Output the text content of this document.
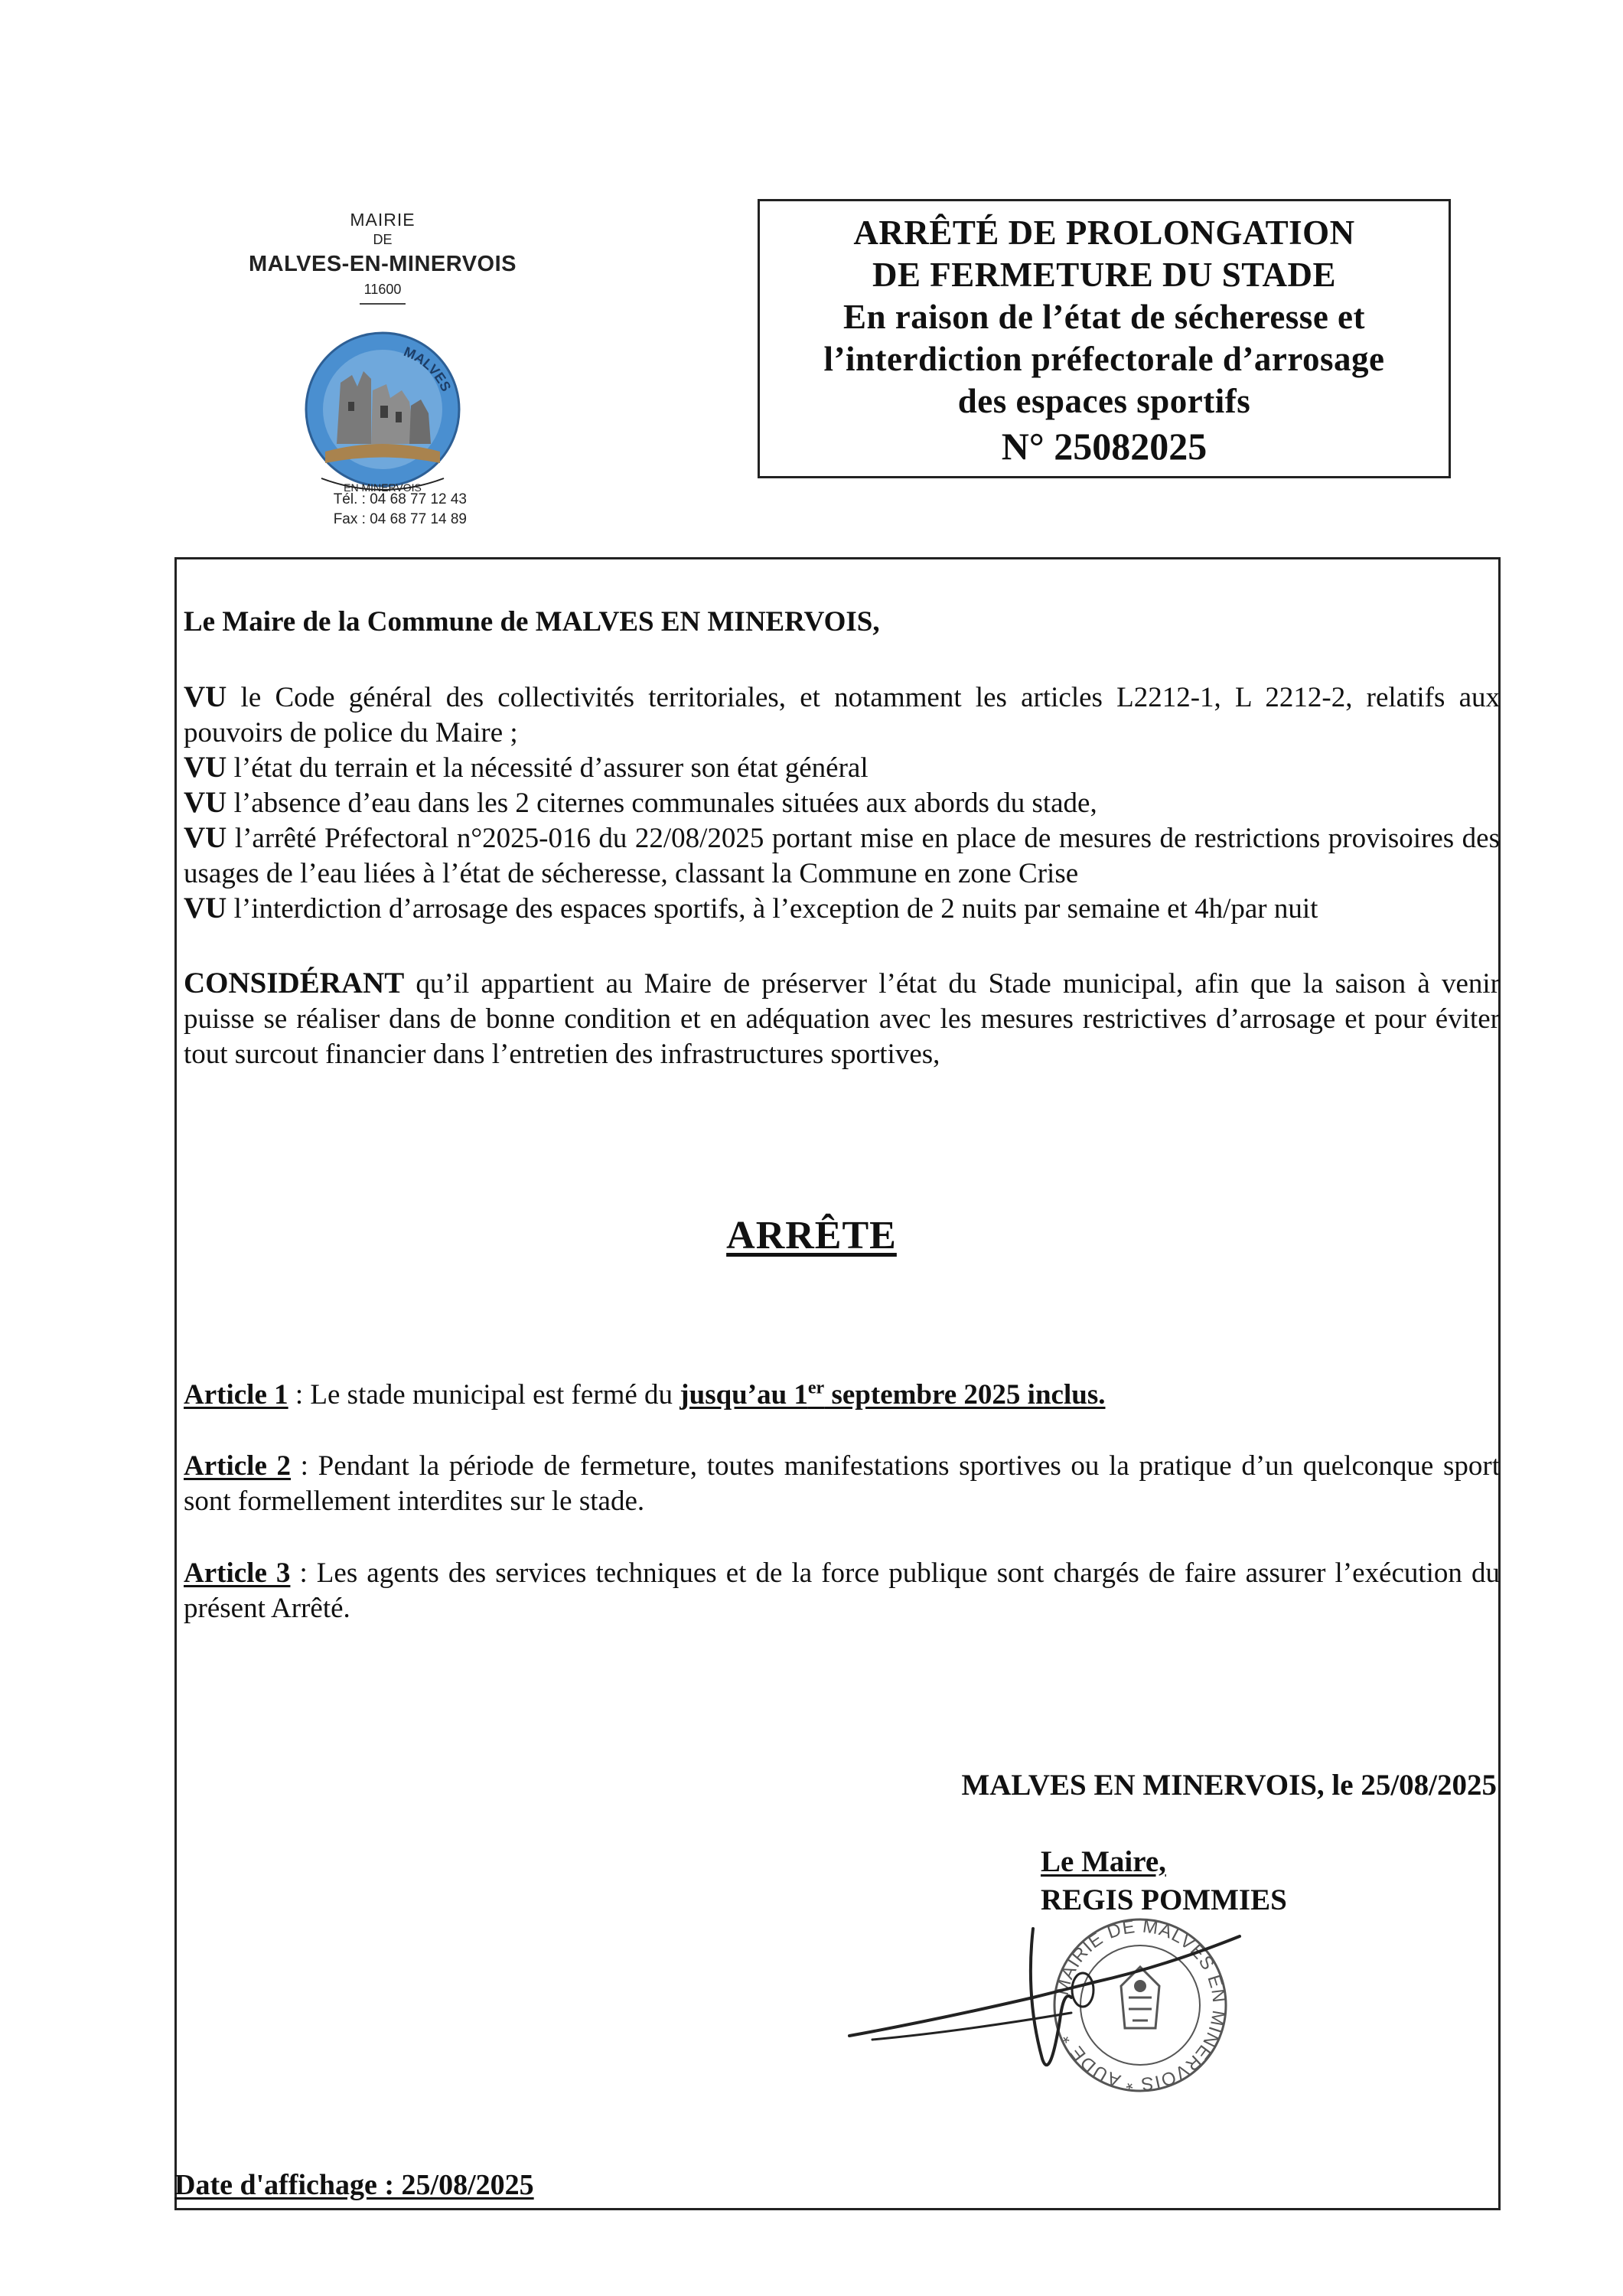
MAIRIE
DE
MALVES-EN-MINERVOIS
11600
MALVES
EN MINERVOIS
Tél. : 04 68 77 12 43
Fax : 04 68 77 14 89
ARRÊTÉ DE PROLONGATION
DE FERMETURE DU STADE
En raison de l’état de sécheresse et
l’interdiction préfectorale d’arrosage
des espaces sportifs
N° 25082025
Le Maire de la Commune de MALVES EN MINERVOIS,
VU le Code général des collectivités territoriales, et notamment les articles L2212-1, L 2212-2, relatifs aux pouvoirs de police du Maire ;
VU l’état du terrain et la nécessité d’assurer son état général
VU l’absence d’eau dans les 2 citernes communales situées aux abords du stade,
VU l’arrêté Préfectoral n°2025-016 du 22/08/2025 portant mise en place de mesures de restrictions provisoires des usages de l’eau liées à l’état de sécheresse, classant la Commune en zone Crise
VU l’interdiction d’arrosage des espaces sportifs, à l’exception de 2 nuits par semaine et 4h/par nuit
CONSIDÉRANT qu’il appartient au Maire de préserver l’état du Stade municipal, afin que la saison à venir puisse se réaliser dans de bonne condition et en adéquation avec les mesures restrictives d’arrosage et pour éviter tout surcout financier dans l’entretien des infrastructures sportives,
ARRÊTE
Article 1 : Le stade municipal est fermé du jusqu’au 1er septembre 2025 inclus.
Article 2 : Pendant la période de fermeture, toutes manifestations sportives ou la pratique d’un quelconque sport sont formellement interdites sur le stade.
Article 3 : Les agents des services techniques et de la force publique sont chargés de faire assurer l’exécution du présent Arrêté.
MALVES EN MINERVOIS, le 25/08/2025
Le Maire,
REGIS POMMIES
MAIRIE DE MALVES EN MINERVOIS * AUDE *
Date d'affichage : 25/08/2025
